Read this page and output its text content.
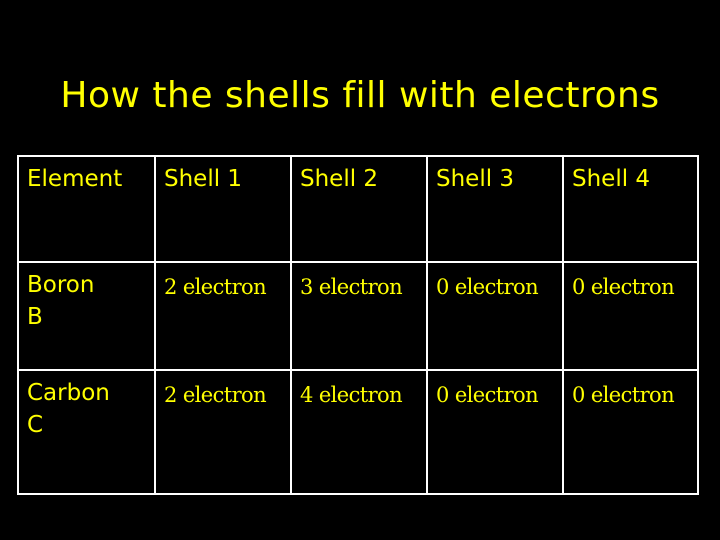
How the shells fill with electrons
Element	Shell 1	Shell 2	Shell 3	Shell 4

Boron
B	2 electron	3 electron	0 electron	0 electron

Carbon
C	2 electron	4 electron	0 electron	0 electron
